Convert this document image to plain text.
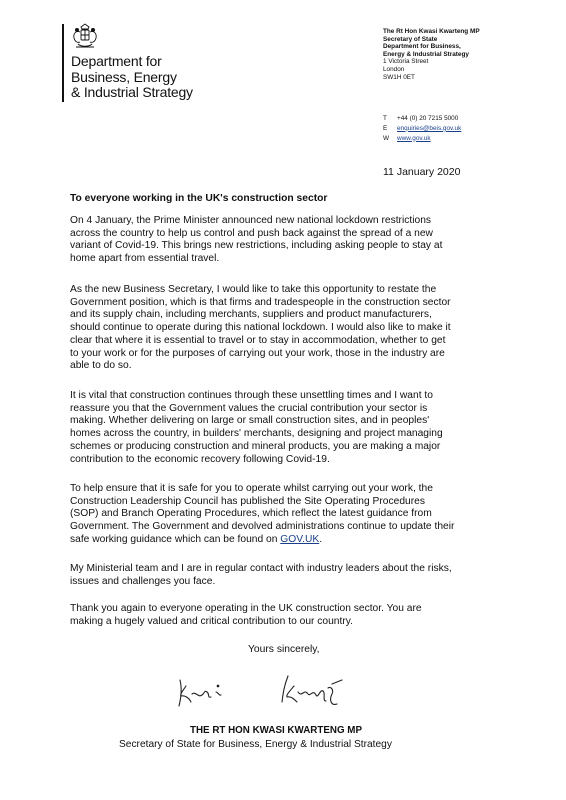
Department for
Business, Energy
& Industrial Strategy
The Rt Hon Kwasi Kwarteng MP
Secretary of State
Department for Business,
Energy & Industrial Strategy
1 Victoria Street
London
SW1H 0ET
T +44 (0) 20 7215 5000
E enquiries@beis.gov.uk
W www.gov.uk
11 January 2020
To everyone working in the UK's construction sector
On 4 January, the Prime Minister announced new national lockdown restrictions
across the country to help us control and push back against the spread of a new
variant of Covid-19. This brings new restrictions, including asking people to stay at
home apart from essential travel.
As the new Business Secretary, I would like to take this opportunity to restate the
Government position, which is that firms and tradespeople in the construction sector
and its supply chain, including merchants, suppliers and product manufacturers,
should continue to operate during this national lockdown. I would also like to make it
clear that where it is essential to travel or to stay in accommodation, whether to get
to your work or for the purposes of carrying out your work, those in the industry are
able to do so.
It is vital that construction continues through these unsettling times and I want to
reassure you that the Government values the crucial contribution your sector is
making. Whether delivering on large or small construction sites, and in peoples'
homes across the country, in builders' merchants, designing and project managing
schemes or producing construction and mineral products, you are making a major
contribution to the economic recovery following Covid-19.
To help ensure that it is safe for you to operate whilst carrying out your work, the
Construction Leadership Council has published the Site Operating Procedures
(SOP) and Branch Operating Procedures, which reflect the latest guidance from
Government. The Government and devolved administrations continue to update their
safe working guidance which can be found on GOV.UK.
My Ministerial team and I are in regular contact with industry leaders about the risks,
issues and challenges you face.
Thank you again to everyone operating in the UK construction sector. You are
making a hugely valued and critical contribution to our country.
Yours sincerely,
THE RT HON KWASI KWARTENG MP
Secretary of State for Business, Energy & Industrial Strategy
